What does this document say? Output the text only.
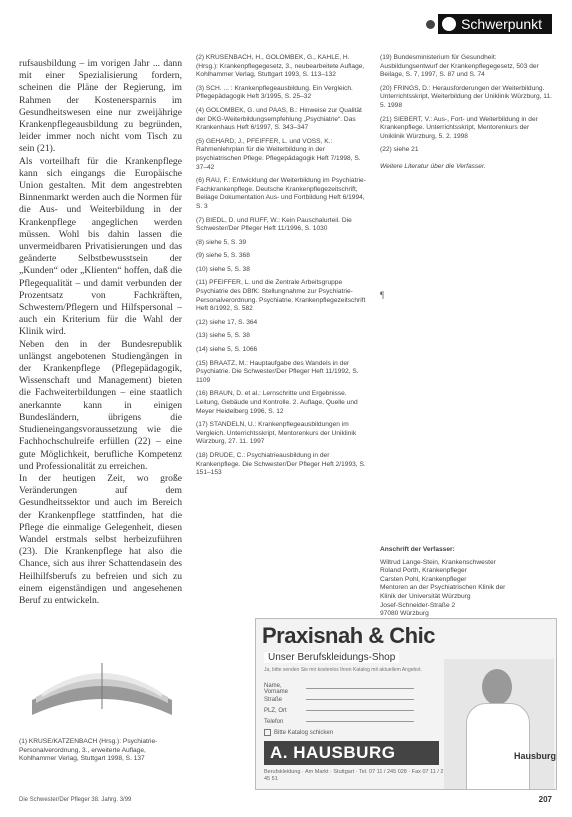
Schwerpunkt

rufsausbildung – im vorigen Jahr ... dann mit einer Spezialisierung fordern, scheinen die Pläne der Regierung, im Rahmen der Kostenersparnis im Gesundheitswesen eine nur zweijährige Krankenpflegeausbildung zu begründen, leider immer noch nicht vom Tisch zu sein (21).

Als vorteilhaft für die Krankenpflege kann sich eingangs die Europäische Union gestalten. Mit dem angestrebten Binnenmarkt werden auch die Normen für die Aus- und Weiterbildung in der Krankenpflege angeglichen werden müssen. Wohl bis dahin lassen die unvermeidbaren Privatisierungen und das geänderte Selbstbewusstsein der „Kunden“ oder „Klienten“ hoffen, daß die Pflegequalität – und damit verbunden der Prozentsatz von Fachkräften, Schwestern/Pflegern und Hilfspersonal – auch ein Kriterium für die Wahl der Klinik wird.

Neben den in der Bundesrepublik unlängst angebotenen Studiengängen in der Krankenpflege (Pflegepädagogik, Wissenschaft und Management) bieten die Fachweiterbildungen – eine staatlich anerkannte kann in einigen Bundesländern, übrigens die Studieneingangsvoraussetzung wie die Fachhochschulreife erfüllen (22) – eine gute Möglichkeit, berufliche Kompetenz und Professionalität zu erreichen.

In der heutigen Zeit, wo große Veränderungen auf dem Gesundheitssektor und auch im Bereich der Krankenpflege stattfinden, hat die Pflege die einmalige Gelegenheit, diesen Wandel erstmals selbst herbeizuführen (23). Die Krankenpflege hat also die Chance, sich aus ihrer Schattendasein des Heilhilfsberufs zu befreien und sich zu einem eigenständigen und angesehenen Beruf zu entwickeln.

(2) KRUSENBACH, H., GOLOMBEK, G., KAHLE, H. (Hrsg.): Krankenpflegegesetz, 3., neubearbeitete Auflage, Kohlhammer Verlag, Stuttgart 1993, S. 113–132

(3) SCH. ... : Krankenpflegeausbildung. Ein Vergleich. Pflegepädagogik Heft 3/1995, S. 25–32

(4) GOLOMBEK, G. und PAAS, B.: Hinweise zur Qualität der DKG-Weiterbildungsempfehlung „Psychiatrie“. Das Krankenhaus Heft 6/1997, S. 343–347

(5) GEHARD, J., PFEIFFER, L. und VOSS, K.: Rahmenlehrplan für die Weiterbildung in der psychiatrischen Pflege. Pflegepädagogik Heft 7/1998, S. 37–42

(6) RAU, F.: Entwicklung der Weiterbildung im Psychiatrie-Fachkrankenpflege. Deutsche Krankenpflegezeitschrift, Beilage Dokumentation Aus- und Fortbildung Heft 6/1994, S. 3

(7) BIEDL, D. und RUFF, W.: Kein Pauschalurteil. Die Schwester/Der Pfleger Heft 11/1996, S. 1030

(8) siehe 5, S. 39

(9) siehe 5, S. 368

(10) siehe 5, S. 38

(11) PFEIFFER, L. und die Zentrale Arbeitsgruppe Psychiatrie des DBfK: Stellungnahme zur Psychiatrie-Personalverordnung. Psychiatrie. Krankenpflegezeitschrift Heft 8/1992, S. 582

(12) siehe 17, S. 364

(13) siehe 5, S. 38

(14) siehe 5, S. 1066

(15) BRAATZ, M.: Hauptaufgabe des Wandels in der Psychiatrie. Die Schwester/Der Pfleger Heft 11/1992, S. 1109

(16) BRAUN, D. et al.: Lernschritte und Ergebnisse. Leitung, Gebäude und Kontrolle. 2. Auflage, Quelle und Meyer Heidelberg 1996, S. 12

(17) STANDELN, U.: Krankenpflegeausbildungen im Vergleich. Unterrichtsskript, Mentorenkurs der Uniklinik Würzburg, 27. 11. 1997

(18) DRUDE, C.: Psychiatrieausbildung in der Krankenpflege. Die Schwester/Der Pfleger Heft 2/1993, S. 151–153

(19) Bundesministerium für Gesundheit: Ausbildungsentwurf der Krankenpflegegesetz, 503 der Beilage, S. 7, 1997, S. 87 und S. 74

(20) FRINGS, D.: Herausforderungen der Weiterbildung. Unterrichtsskript, Weiterbildung der Uniklinik Würzburg, 11. 5. 1998

(21) SIEBERT, V.: Aus-, Fort- und Weiterbildung in der Krankenpflege. Unterrichtsskript, Mentorenkurs der Uniklinik Würzburg, 5. 2. 1998

(22) siehe 21

Weitere Literatur über die Verfasser.

¶
Anschrift der Verfasser:
Wiltrud Lange-Stein, Krankenschwester
Roland Porth, Krankenpfleger
Carsten Pohl, Krankenpfleger
Mentoren an der Psychiatrischen Klinik der
Klinik der Universität Würzburg
Josef-Schneider-Straße 2
97080 Würzburg
(1) KRUSE/KATZENBACH (Hrsg.): Psychiatrie-Personalverordnung, 3., erweiterte Auflage, Kohlhammer Verlag, Stuttgart 1998, S. 137
Praxisnah & Chic
Unser Berufskleidungs-Shop
Ja, bitte senden Sie mir kostenlos Ihren Katalog mit aktuellem Angebot.
Name, Vorname
Straße
PLZ, Ort
Telefon
Bitte Katalog schicken
A. HAUSBURG
Berufskleidung · Am Markt · Stuttgart · Tel. 07 11 / 245 028 · Fax 07 11 / 2 45 51
Hausburg
Die Schwester/Der Pfleger 38. Jahrg. 3/99	207
